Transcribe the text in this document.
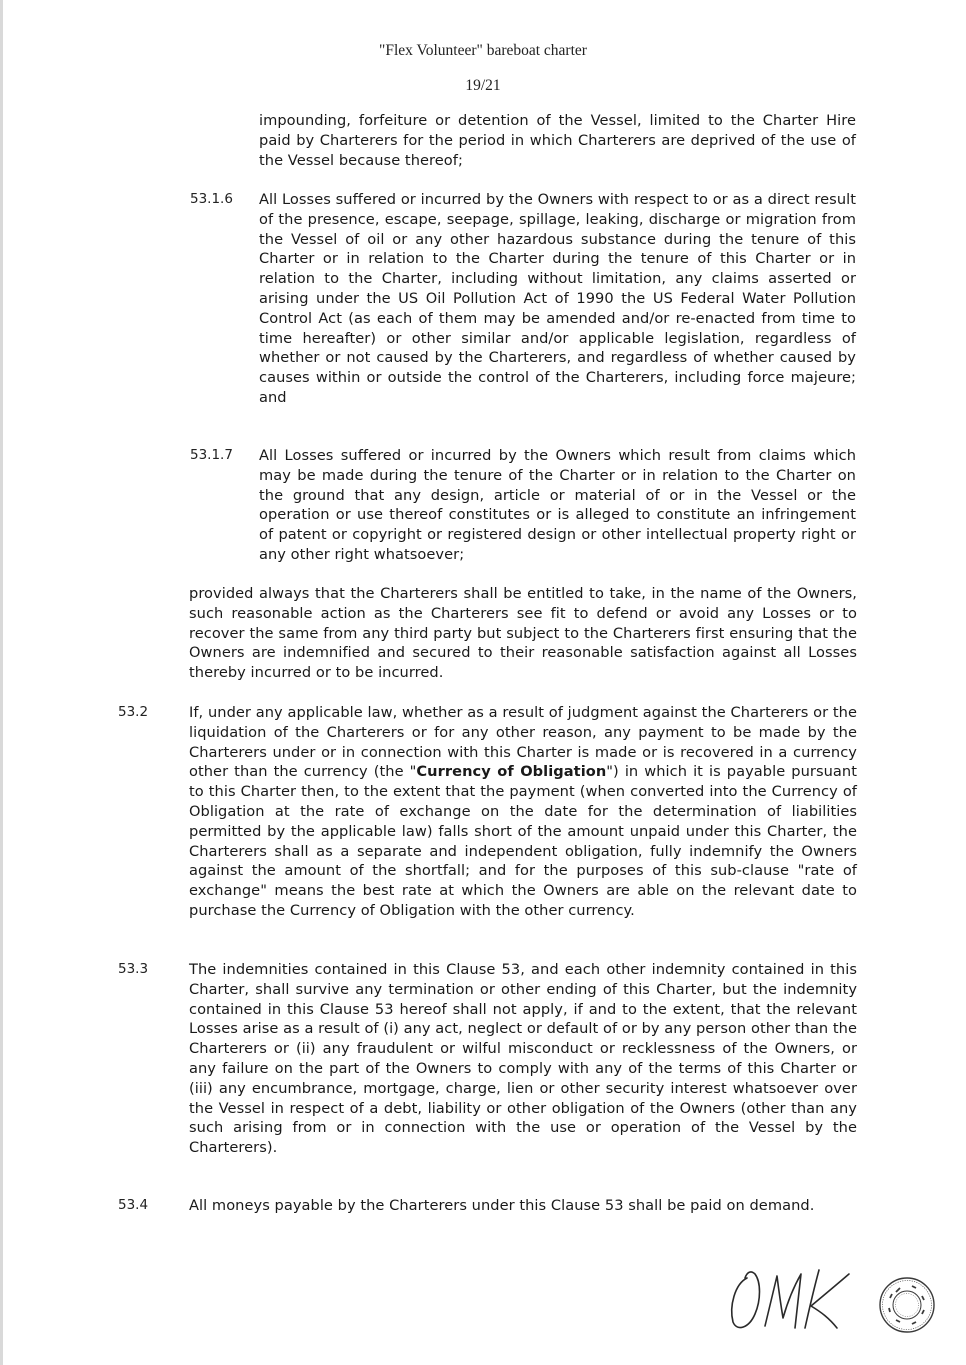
"Flex Volunteer" bareboat charter
19/21

impounding, forfeiture or detention of the Vessel, limited to the Charter Hire paid by Charterers for the period in which Charterers are deprived of the use of the Vessel because thereof;

53.1.6 All Losses suffered or incurred by the Owners with respect to or as a direct result of the presence, escape, seepage, spillage, leaking, discharge or migration from the Vessel of oil or any other hazardous substance during the tenure of this Charter or in relation to the Charter during the tenure of this Charter or in relation to the Charter, including without limitation, any claims asserted or arising under the US Oil Pollution Act of 1990 the US Federal Water Pollution Control Act (as each of them may be amended and/or re-enacted from time to time hereafter) or other similar and/or applicable legislation, regardless of whether or not caused by the Charterers, and regardless of whether caused by causes within or outside the control of the Charterers, including force majeure; and

53.1.7 All Losses suffered or incurred by the Owners which result from claims which may be made during the tenure of the Charter or in relation to the Charter on the ground that any design, article or material of or in the Vessel or the operation or use thereof constitutes or is alleged to constitute an infringement of patent or copyright or registered design or other intellectual property right or any other right whatsoever;

provided always that the Charterers shall be entitled to take, in the name of the Owners, such reasonable action as the Charterers see fit to defend or avoid any Losses or to recover the same from any third party but subject to the Charterers first ensuring that the Owners are indemnified and secured to their reasonable satisfaction against all Losses thereby incurred or to be incurred.

53.2	If, under any applicable law, whether as a result of judgment against the Charterers or the liquidation of the Charterers or for any other reason, any payment to be made by the Charterers under or in connection with this Charter is made or is recovered in a currency other than the currency (the "Currency of Obligation") in which it is payable pursuant to this Charter then, to the extent that the payment (when converted into the Currency of Obligation at the rate of exchange on the date for the determination of liabilities permitted by the applicable law) falls short of the amount unpaid under this Charter, the Charterers shall as a separate and independent obligation, fully indemnify the Owners against the amount of the shortfall; and for the purposes of this sub-clause "rate of exchange" means the best rate at which the Owners are able on the relevant date to purchase the Currency of Obligation with the other currency.

53.3	The indemnities contained in this Clause 53, and each other indemnity contained in this Charter, shall survive any termination or other ending of this Charter, but the indemnity contained in this Clause 53 hereof shall not apply, if and to the extent, that the relevant Losses arise as a result of (i) any act, neglect or default of or by any person other than the Charterers or (ii) any fraudulent or wilful misconduct or recklessness of the Owners, or any failure on the part of the Owners to comply with any of the terms of this Charter or (iii) any encumbrance, mortgage, charge, lien or other security interest whatsoever over the Vessel in respect of a debt, liability or other obligation of the Owners (other than any such arising from or in connection with the use or operation of the Vessel by the Charterers).

53.4	All moneys payable by the Charterers under this Clause 53 shall be paid on demand.
